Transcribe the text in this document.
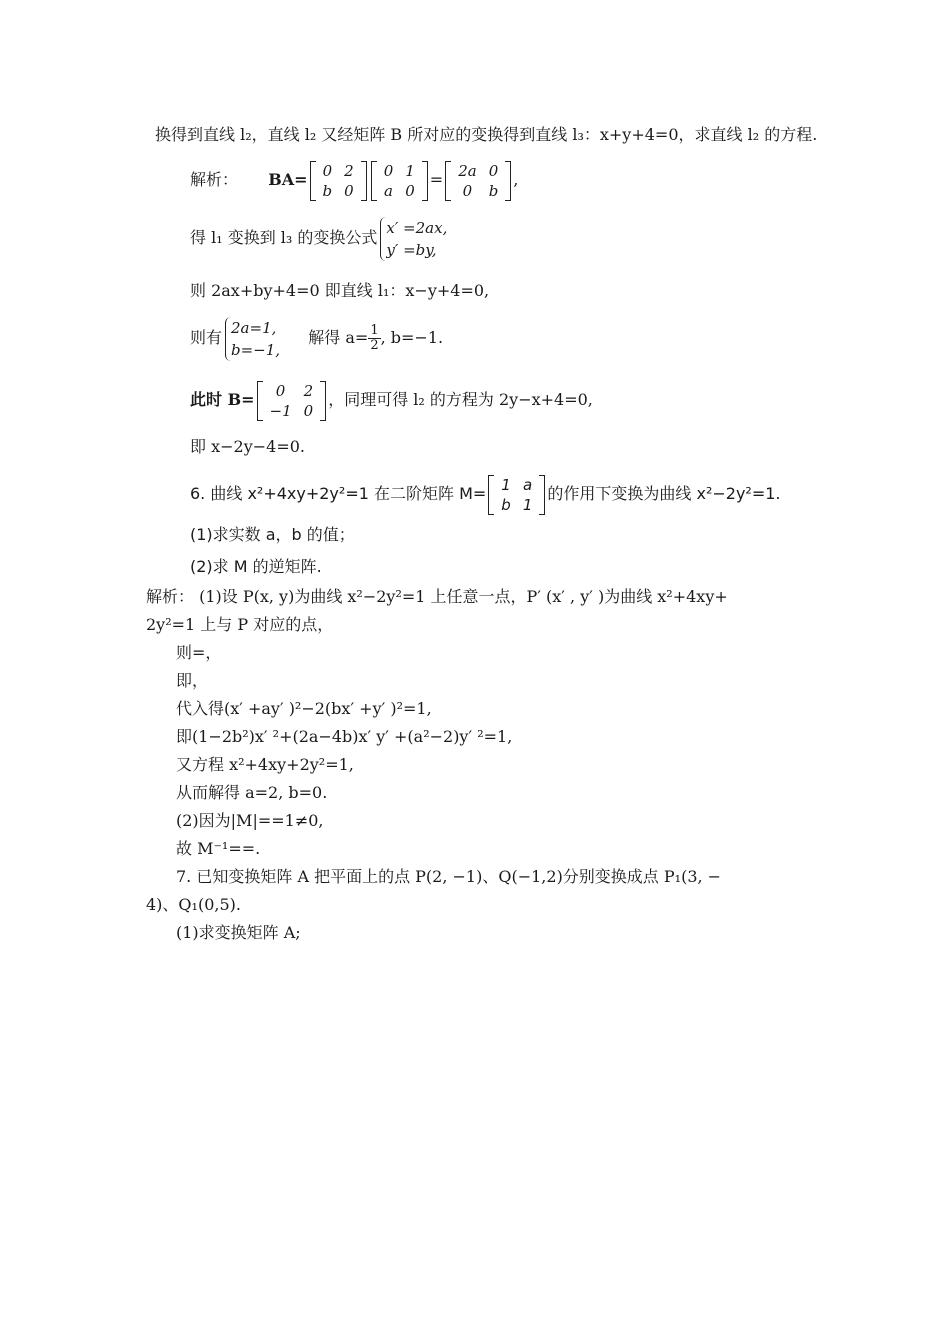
换得到直线 l₂，直线 l₂ 又经矩阵 B 所对应的变换得到直线 l₃：x+y+4=0，求直线 l₂ 的方程.
解析： BA= 0	2
b	0
0	1
a	0
= 2a	0
0	b
,
得 l₁ 变换到 l₃ 的变换公式
x′ =2ax,
y′ =by,
则 2ax+by+4=0 即直线 l₁：x−y+4=0,
则有
2a=1,
b=−1,
解得 $a= \frac{1}{2}$ , b=−1.
此时 B= 0	2
−1	0
，同理可得 l₂ 的方程为 2y−x+4=0,
即 x−2y−4=0.
6. 曲线 x²+4xy+2y²=1 在二阶矩阵 M= 1	a
b	1
的作用下变换为曲线 x²−2y²=1.
(1)求实数 a，b 的值；
(2)求 M 的逆矩阵.
解析： (1)设 P(x, y)为曲线 x²−2y²=1 上任意一点，P′ (x′ , y′ )为曲线 x²+4xy+
2y²=1 上与 P 对应的点，
则=，
即，
代入得(x′ +ay′ )²−2(bx′ +y′ )²=1,
即(1−2b²)x′ ²+(2a−4b)x′ y′ +(a²−2)y′ ²=1,
又方程 x²+4xy+2y²=1,
从而解得 a=2, b=0.
(2)因为|M|==1≠0,
故 M⁻¹==.
7. 已知变换矩阵 A 把平面上的点 P(2, −1)、Q(−1,2)分别变换成点 P₁(3, −
4)、Q₁(0,5).
(1)求变换矩阵 A;
